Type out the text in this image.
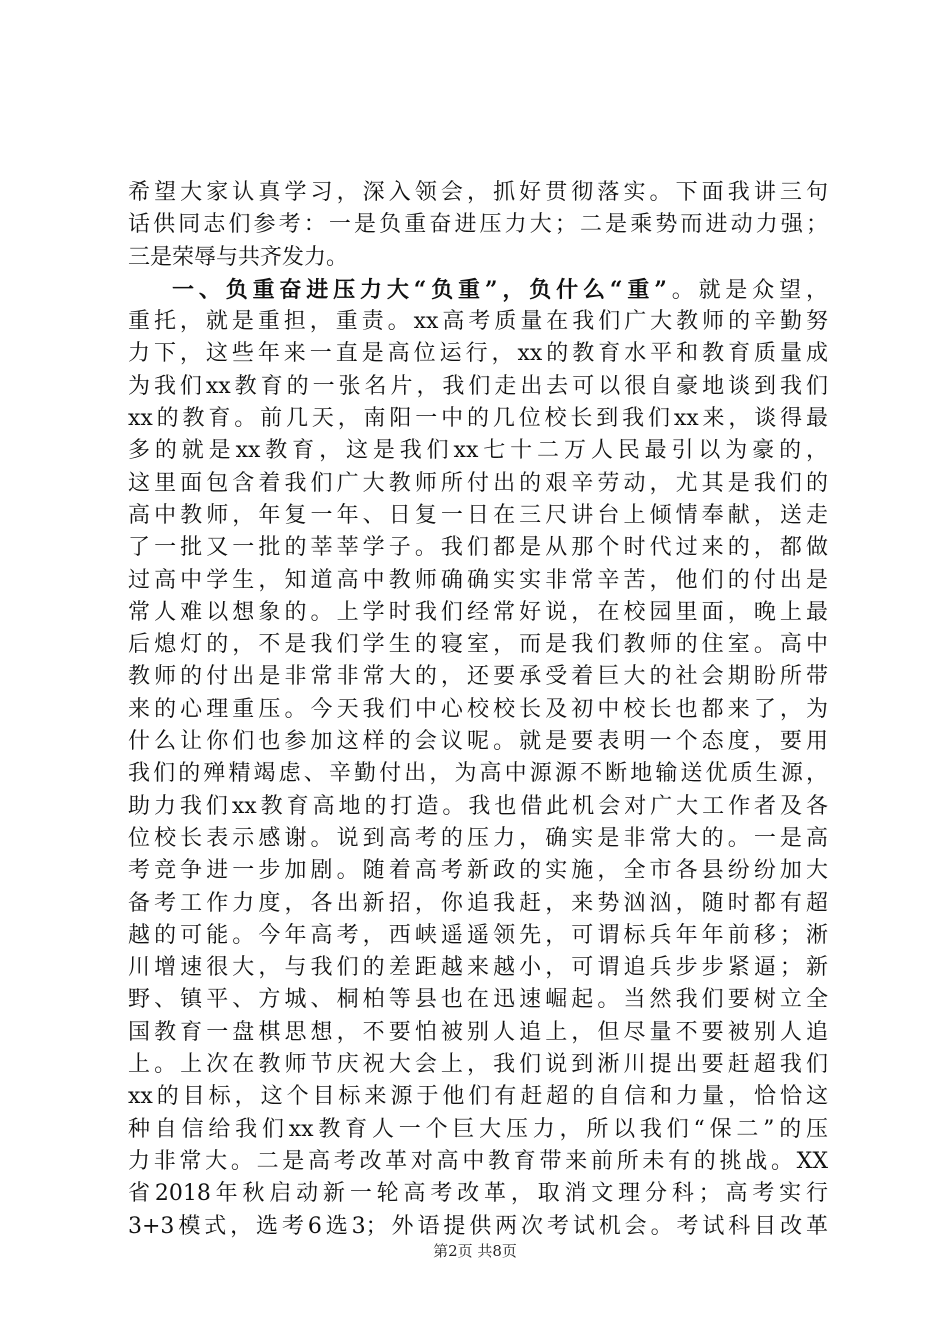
希望大家认真学习，深入领会，抓好贯彻落实。下面我讲三句
话供同志们参考：一是负重奋进压力大；二是乘势而进动力强；
三是荣辱与共齐发力。
一、负重奋进压力大“负重”，负什么“重”。就是众望，
重托，就是重担，重责。xx高考质量在我们广大教师的辛勤努
力下，这些年来一直是高位运行，xx的教育水平和教育质量成
为我们xx教育的一张名片，我们走出去可以很自豪地谈到我们
xx的教育。前几天，南阳一中的几位校长到我们xx来，谈得最
多的就是xx教育，这是我们xx七十二万人民最引以为豪的，
这里面包含着我们广大教师所付出的艰辛劳动，尤其是我们的
高中教师，年复一年、日复一日在三尺讲台上倾情奉献，送走
了一批又一批的莘莘学子。我们都是从那个时代过来的，都做
过高中学生，知道高中教师确确实实非常辛苦，他们的付出是
常人难以想象的。上学时我们经常好说，在校园里面，晚上最
后熄灯的，不是我们学生的寝室，而是我们教师的住室。高中
教师的付出是非常非常大的，还要承受着巨大的社会期盼所带
来的心理重压。今天我们中心校校长及初中校长也都来了，为
什么让你们也参加这样的会议呢。就是要表明一个态度，要用
我们的殚精竭虑、辛勤付出，为高中源源不断地输送优质生源，
助力我们xx教育高地的打造。我也借此机会对广大工作者及各
位校长表示感谢。说到高考的压力，确实是非常大的。一是高
考竞争进一步加剧。随着高考新政的实施，全市各县纷纷加大
备考工作力度，各出新招，你追我赶，来势汹汹，随时都有超
越的可能。今年高考，西峡遥遥领先，可谓标兵年年前移；淅
川增速很大，与我们的差距越来越小，可谓追兵步步紧逼；新
野、镇平、方城、桐柏等县也在迅速崛起。当然我们要树立全
国教育一盘棋思想，不要怕被别人追上，但尽量不要被别人追
上。上次在教师节庆祝大会上，我们说到淅川提出要赶超我们
xx的目标，这个目标来源于他们有赶超的自信和力量，恰恰这
种自信给我们xx教育人一个巨大压力，所以我们“保二”的压
力非常大。二是高考改革对高中教育带来前所未有的挑战。XX
省2018年秋启动新一轮高考改革，取消文理分科；高考实行
3+3模式，选考6选3；外语提供两次考试机会。考试科目改革
第2页 共8页
